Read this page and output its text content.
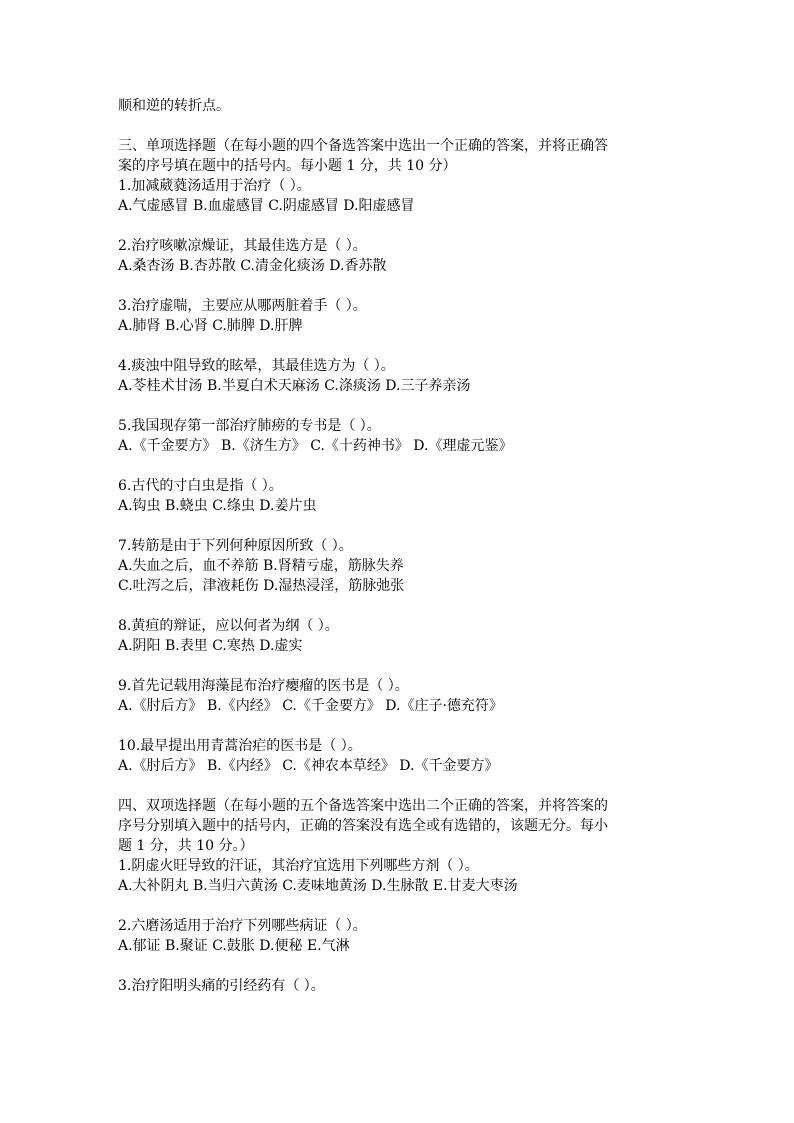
顺和逆的转折点。
三、单项选择题（在每小题的四个备选答案中选出一个正确的答案，并将正确答
案的序号填在题中的括号内。每小题 1 分，共 10 分）
1.加减葳蕤汤适用于治疗（ ）。
A.气虚感冒 B.血虚感冒 C.阴虚感冒 D.阳虚感冒
2.治疗咳嗽凉燥证，其最佳选方是（ ）。
A.桑杏汤 B.杏苏散 C.清金化痰汤 D.香苏散
3.治疗虚喘，主要应从哪两脏着手（ ）。
A.肺肾 B.心肾 C.肺脾 D.肝脾
4.痰浊中阻导致的眩晕，其最佳选方为（ ）。
A.苓桂术甘汤 B.半夏白术天麻汤 C.涤痰汤 D.三子养亲汤
5.我国现存第一部治疗肺痨的专书是（ ）。
A.《千金要方》 B.《济生方》 C.《十药神书》 D.《理虚元鉴》
6.古代的寸白虫是指（ ）。
A.钩虫 B.蛲虫 C.绦虫 D.姜片虫
7.转筋是由于下列何种原因所致（ ）。
A.失血之后，血不养筋 B.肾精亏虚，筋脉失养
C.吐泻之后，津液耗伤 D.湿热浸淫，筋脉弛张
8.黄疸的辩证，应以何者为纲（ ）。
A.阴阳 B.表里 C.寒热 D.虚实
9.首先记载用海藻昆布治疗瘿瘤的医书是（ ）。
A.《肘后方》 B.《内经》 C.《千金要方》 D.《庄子·德充符》
10.最早提出用青蒿治疟的医书是（ ）。
A.《肘后方》 B.《内经》 C.《神农本草经》 D.《千金要方》
四、双项选择题（在每小题的五个备选答案中选出二个正确的答案，并将答案的
序号分别填入题中的括号内，正确的答案没有选全或有选错的，该题无分。每小
题 1 分，共 10 分。）
1.阴虚火旺导致的汗证，其治疗宜选用下列哪些方剂（ ）。
A.大补阴丸 B.当归六黄汤 C.麦味地黄汤 D.生脉散 E.甘麦大枣汤
2.六磨汤适用于治疗下列哪些病证（ ）。
A.郁证 B.聚证 C.鼓胀 D.便秘 E.气淋
3.治疗阳明头痛的引经药有（ ）。
